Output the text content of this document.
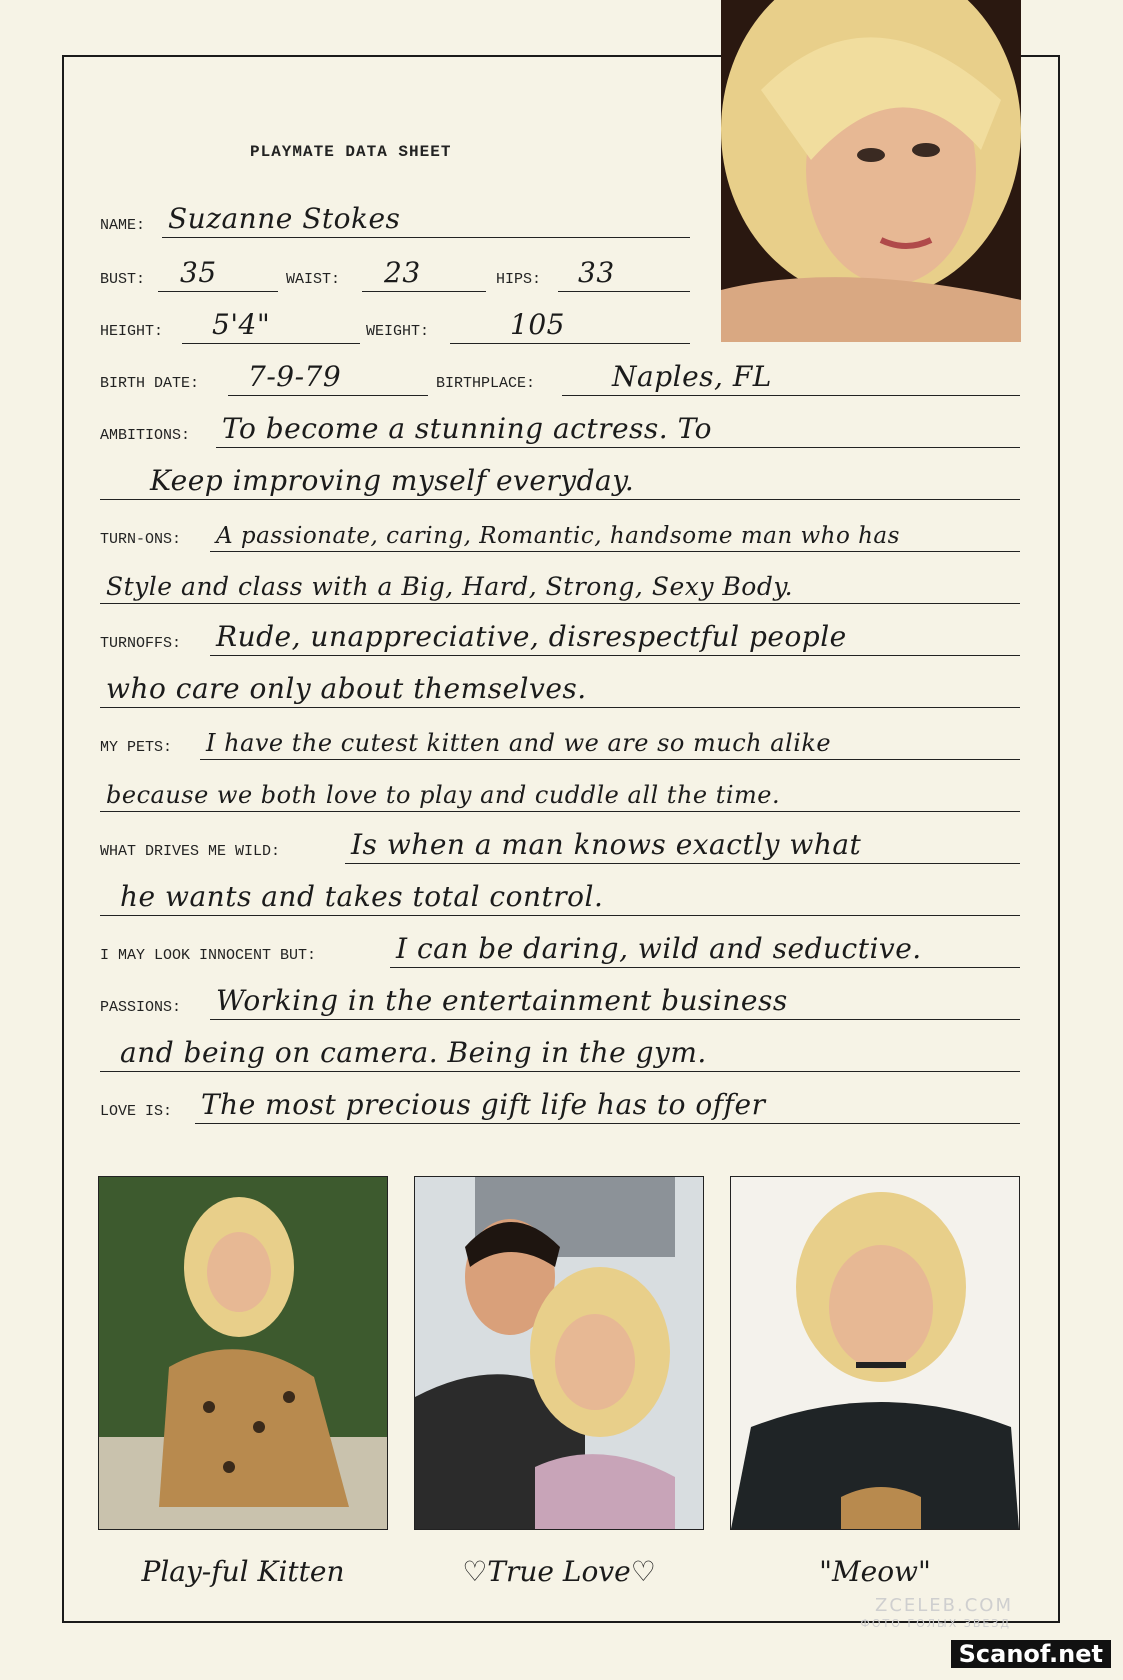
PLAYMATE DATA SHEET
NAME: Suzanne Stokes
BUST: 35	WAIST: 23	HIPS: 33
HEIGHT: 5'4"	WEIGHT:	105
BIRTH DATE: 7-9-79	BIRTHPLACE:	Naples, FL
AMBITIONS: To become a stunning actress. To
Keep improving myself everyday.
TURN-ONS: A passionate, caring, Romantic, handsome man who has
Style and class with a Big, Hard, Strong, Sexy Body.
TURNOFFS: Rude, unappreciative, disrespectful people
who care only about themselves.
MY PETS: I have the cutest kitten and we are so much alike
because we both love to play and cuddle all the time.
WHAT DRIVES ME WILD:	Is when a man knows exactly what
he wants and takes total control.
I MAY LOOK INNOCENT BUT:	I can be daring, wild and seductive.
PASSIONS: Working in the entertainment business
and being on camera. Being in the gym.
LOVE IS: The most precious gift life has to offer
Play-ful Kitten	♡True Love♡	"Meow"
ZCELEB.COM
ФОТО ГОЛЫХ ЗВЕЗД
Scanof.net
